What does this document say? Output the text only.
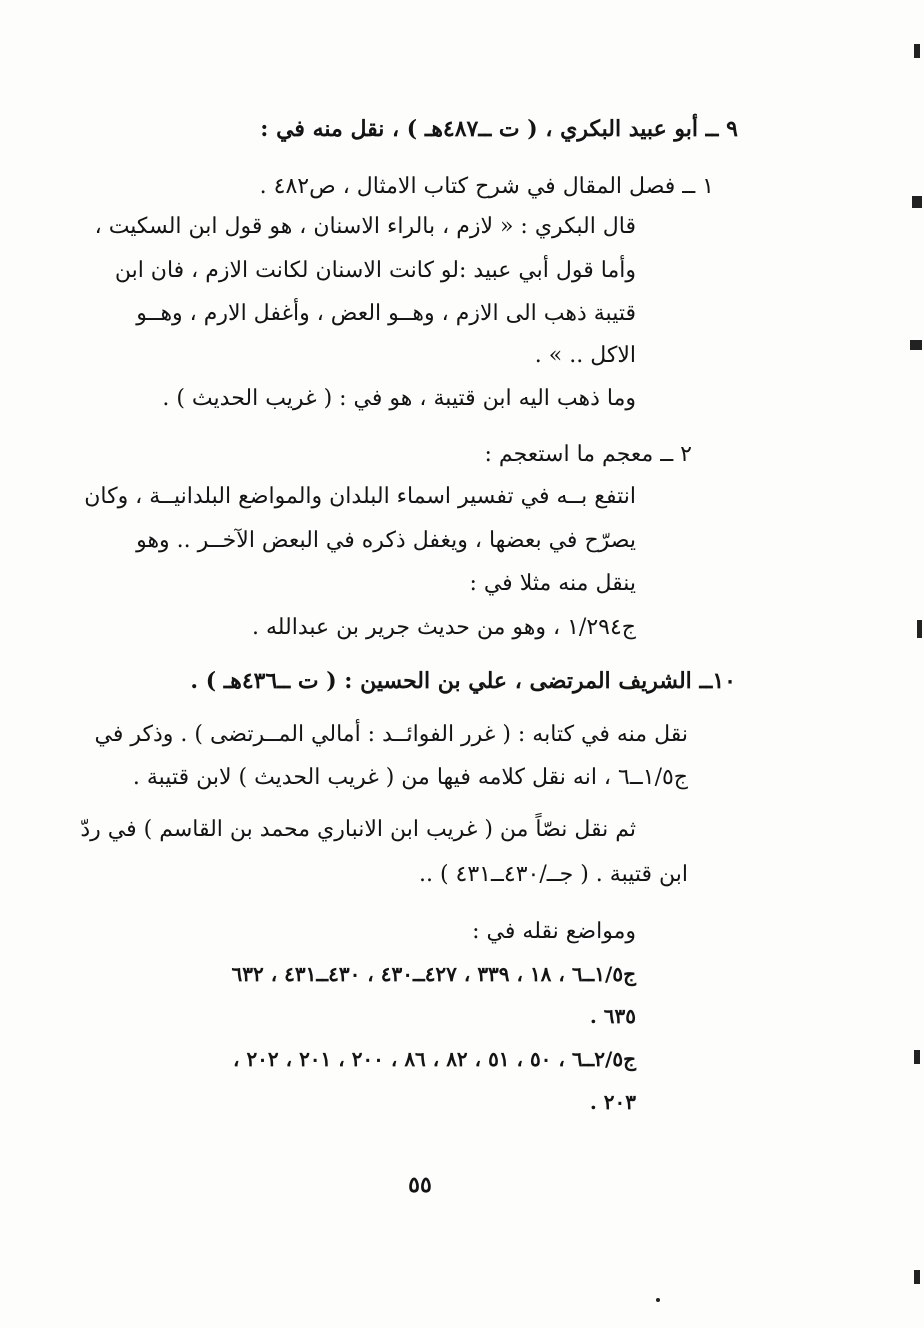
٩ ــ أبو عبيد البكري ، ( ت ــ٤٨٧هـ ) ، نقل منه في :
١ ــ فصل المقال في شرح كتاب الامثال ، ص٤٨٢ .
قال البكري : « لازم ، بالراء الاسنان ، هو قول ابن السكيت ،
وأما قول أبي عبيد :لو كانت الاسنان لكانت الازم ، فان ابن
قتيبة ذهب الى الازم ، وهــو العض ، وأغفل الارم ، وهــو
الاكل .. » .
وما ذهب اليه ابن قتيبة ، هو في : ( غريب الحديث ) .
٢ ــ معجم ما استعجم :
انتفع بــه في تفسير اسماء البلدان والمواضع البلدانيــة ، وكان
يصرّح في بعضها ، ويغفل ذكره في البعض الآخــر .. وهو
ينقل منه مثلا في :
ج١/٢٩٤ ، وهو من حديث جرير بن عبدالله .
١٠ــ الشريف المرتضى ، علي بن الحسين : ( ت ــ٤٣٦هـ ) .
نقل منه في كتابه : ( غرر الفوائــد : أمالي المــرتضى ) . وذكر في
ج١/٥ــ٦ ، انه نقل كلامه فيها من ( غريب الحديث ) لابن قتيبة .
ثم نقل نصّاً من ( غريب ابن الانباري محمد بن القاسم ) في ردّ
ابن قتيبة . ( جــ/٤٣٠ــ٤٣١ ) ..
ومواضع نقله في :
ج١/٥ــ٦ ، ١٨ ، ٣٣٩ ، ٤٢٧ــ٤٣٠ ، ٤٣٠ــ٤٣١ ، ٦٣٢
٦٣٥ .
ج٢/٥ــ٦ ، ٥٠ ، ٥١ ، ٨٢ ، ٨٦ ، ٢٠٠ ، ٢٠١ ، ٢٠٢ ،
٢٠٣ .
٥٥
